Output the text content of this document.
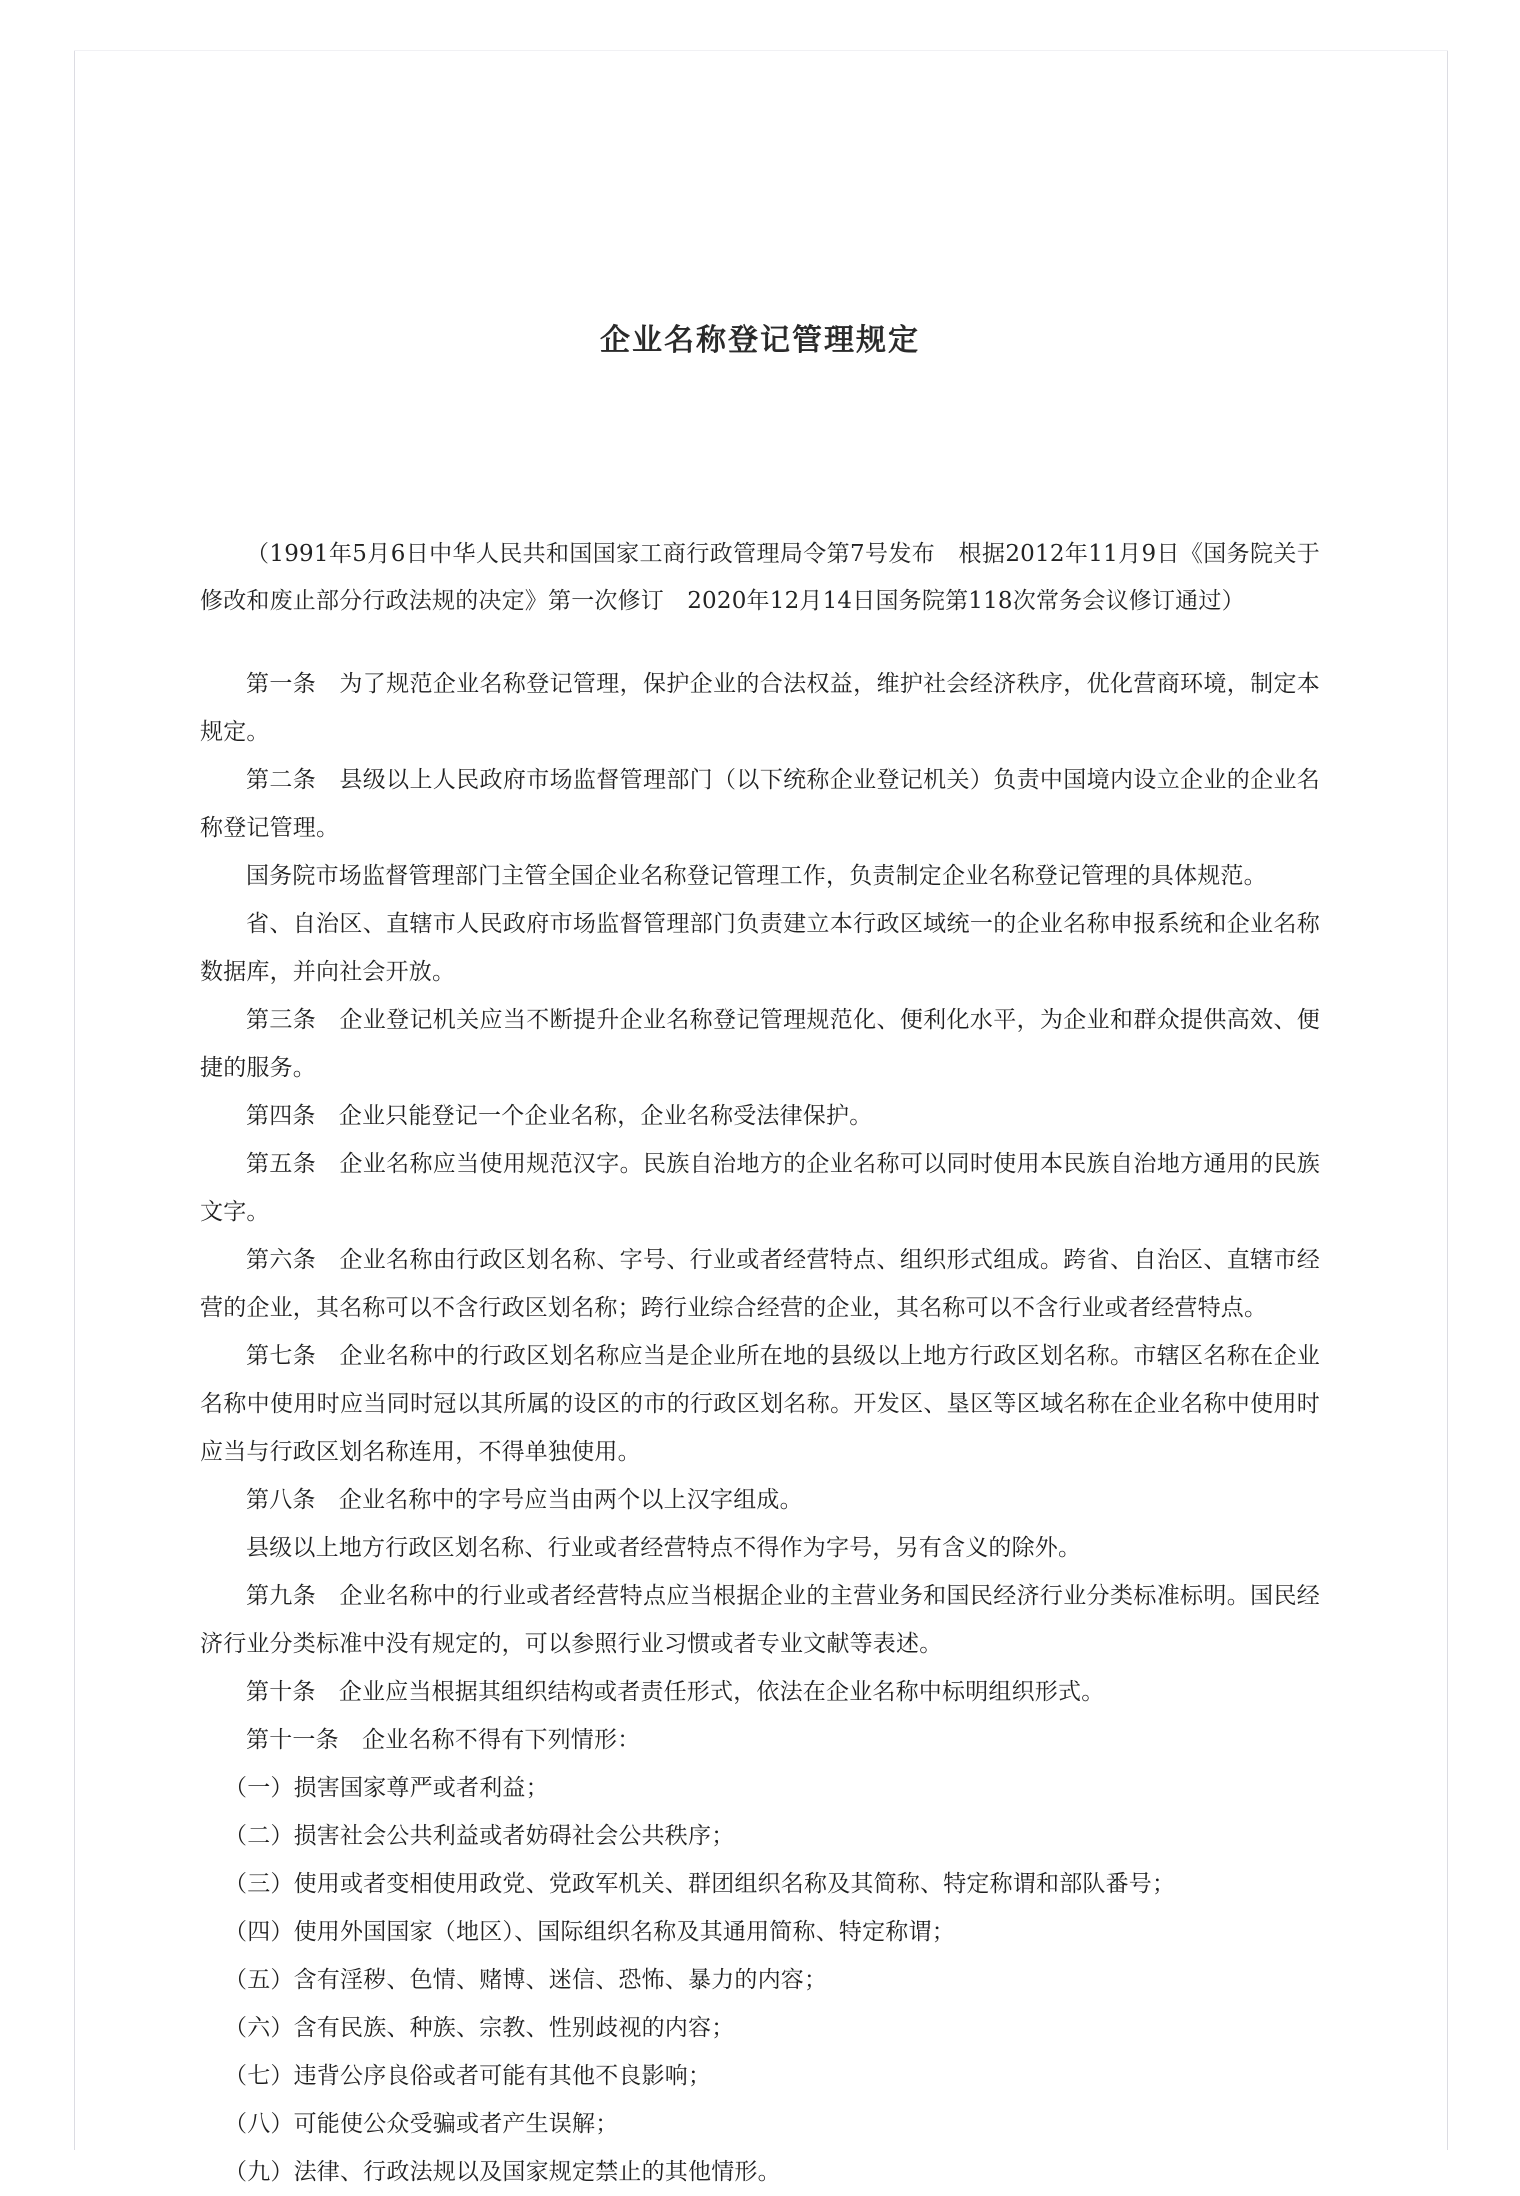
企业名称登记管理规定

（1991年5月6日中华人民共和国国家工商行政管理局令第7号发布　根据2012年11月9日《国务院关于修改和废止部分行政法规的决定》第一次修订　2020年12月14日国务院第118次常务会议修订通过）

第一条　为了规范企业名称登记管理，保护企业的合法权益，维护社会经济秩序，优化营商环境，制定本规定。

第二条　县级以上人民政府市场监督管理部门（以下统称企业登记机关）负责中国境内设立企业的企业名称登记管理。

国务院市场监督管理部门主管全国企业名称登记管理工作，负责制定企业名称登记管理的具体规范。

省、自治区、直辖市人民政府市场监督管理部门负责建立本行政区域统一的企业名称申报系统和企业名称数据库，并向社会开放。

第三条　企业登记机关应当不断提升企业名称登记管理规范化、便利化水平，为企业和群众提供高效、便捷的服务。

第四条　企业只能登记一个企业名称，企业名称受法律保护。

第五条　企业名称应当使用规范汉字。民族自治地方的企业名称可以同时使用本民族自治地方通用的民族文字。

第六条　企业名称由行政区划名称、字号、行业或者经营特点、组织形式组成。跨省、自治区、直辖市经营的企业，其名称可以不含行政区划名称；跨行业综合经营的企业，其名称可以不含行业或者经营特点。

第七条　企业名称中的行政区划名称应当是企业所在地的县级以上地方行政区划名称。市辖区名称在企业名称中使用时应当同时冠以其所属的设区的市的行政区划名称。开发区、垦区等区域名称在企业名称中使用时应当与行政区划名称连用，不得单独使用。

第八条　企业名称中的字号应当由两个以上汉字组成。

县级以上地方行政区划名称、行业或者经营特点不得作为字号，另有含义的除外。

第九条　企业名称中的行业或者经营特点应当根据企业的主营业务和国民经济行业分类标准标明。国民经济行业分类标准中没有规定的，可以参照行业习惯或者专业文献等表述。

第十条　企业应当根据其组织结构或者责任形式，依法在企业名称中标明组织形式。

第十一条　企业名称不得有下列情形：

（一）损害国家尊严或者利益；

（二）损害社会公共利益或者妨碍社会公共秩序；

（三）使用或者变相使用政党、党政军机关、群团组织名称及其简称、特定称谓和部队番号；

（四）使用外国国家（地区）、国际组织名称及其通用简称、特定称谓；

（五）含有淫秽、色情、赌博、迷信、恐怖、暴力的内容；

（六）含有民族、种族、宗教、性别歧视的内容；

（七）违背公序良俗或者可能有其他不良影响；

（八）可能使公众受骗或者产生误解；

（九）法律、行政法规以及国家规定禁止的其他情形。
